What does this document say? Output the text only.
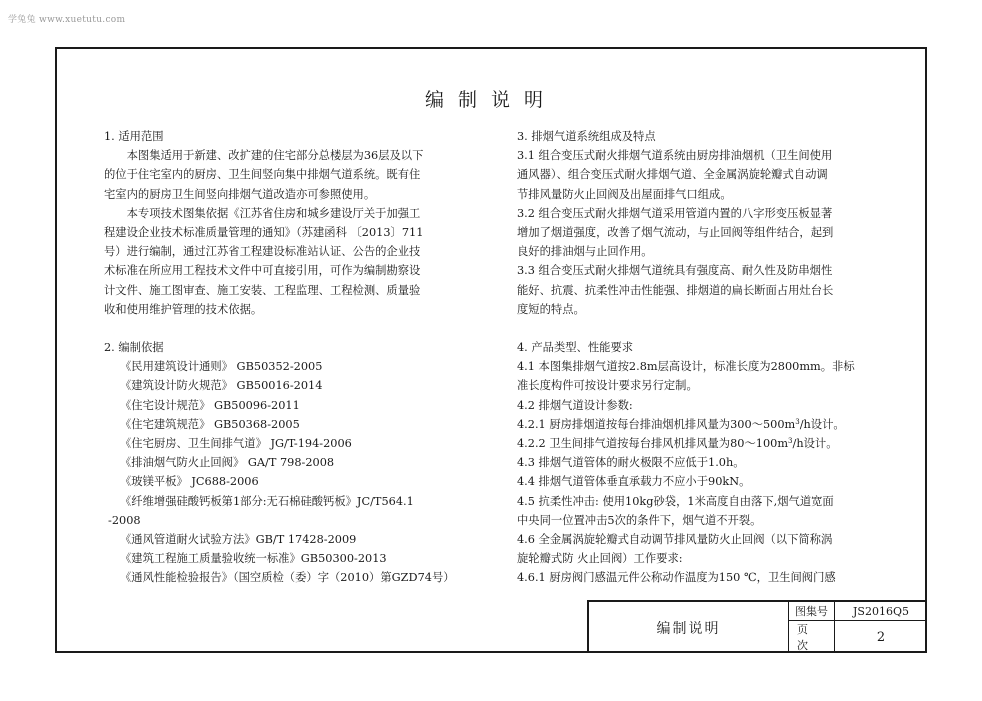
学兔兔 www.xuetutu.com
编制说明
1. 适用范围
本图集适用于新建、改扩建的住宅部分总楼层为36层及以下
的位于住宅室内的厨房、卫生间竖向集中排烟气道系统。既有住
宅室内的厨房卫生间竖向排烟气道改造亦可参照使用。
本专项技术图集依据《江苏省住房和城乡建设厅关于加强工
程建设企业技术标准质量管理的通知》（苏建函科 〔2013〕711
号）进行编制，通过江苏省工程建设标准站认证、公告的企业技
术标准在所应用工程技术文件中可直接引用，可作为编制勘察设
计文件、施工图审查、施工安装、工程监理、工程检测、质量验
收和使用维护管理的技术依据。
2. 编制依据
《民用建筑设计通则》 GB50352-2005
《建筑设计防火规范》 GB50016-2014
《住宅设计规范》 GB50096-2011
《住宅建筑规范》 GB50368-2005
《住宅厨房、卫生间排气道》 JG/T-194-2006
《排油烟气防火止回阀》 GA/T 798-2008
《玻镁平板》 JC688-2006
《纤维增强硅酸钙板第1部分:无石棉硅酸钙板》JC/T564.1
-2008
《通风管道耐火试验方法》GB/T 17428-2009
《建筑工程施工质量验收统一标准》GB50300-2013
《通风性能检验报告》（国空质检（委）字（2010）第GZD74号）
3. 排烟气道系统组成及特点
3.1 组合变压式耐火排烟气道系统由厨房排油烟机（卫生间使用
通风器）、组合变压式耐火排烟气道、全金属涡旋轮瓣式自动调
节排风量防火止回阀及出屋面排气口组成。
3.2 组合变压式耐火排烟气道采用管道内置的八字形变压板显著
增加了烟道强度，改善了烟气流动，与止回阀等组件结合，起到
良好的排油烟与止回作用。
3.3 组合变压式耐火排烟气道统具有强度高、耐久性及防串烟性
能好、抗震、抗柔性冲击性能强、排烟道的扁长断面占用灶台长
度短的特点。
4. 产品类型、性能要求
4.1 本图集排烟气道按2.8m层高设计，标准长度为2800mm。非标
准长度构件可按设计要求另行定制。
4.2 排烟气道设计参数:
4.2.1 厨房排烟道按每台排油烟机排风量为$300\sim 500m^3/h$设计。
4.2.2 卫生间排气道按每台排风机排风量为$80\sim 100m^3/h$设计。
4.3 排烟气道管体的耐火极限不应低于1.0h。
4.4 排烟气道管体垂直承载力不应小于90kN。
4.5 抗柔性冲击: 使用10kg砂袋，1米高度自由落下,烟气道宽面
中央同一位置冲击5次的条件下，烟气道不开裂。
4.6 全金属涡旋轮瓣式自动调节排风量防火止回阀（以下简称涡
旋轮瓣式防 火止回阀）工作要求:
4.6.1 厨房阀门感温元件公称动作温度为150 ℃，卫生间阀门感
编制说明
图集号	JS2016Q5
页次
2
